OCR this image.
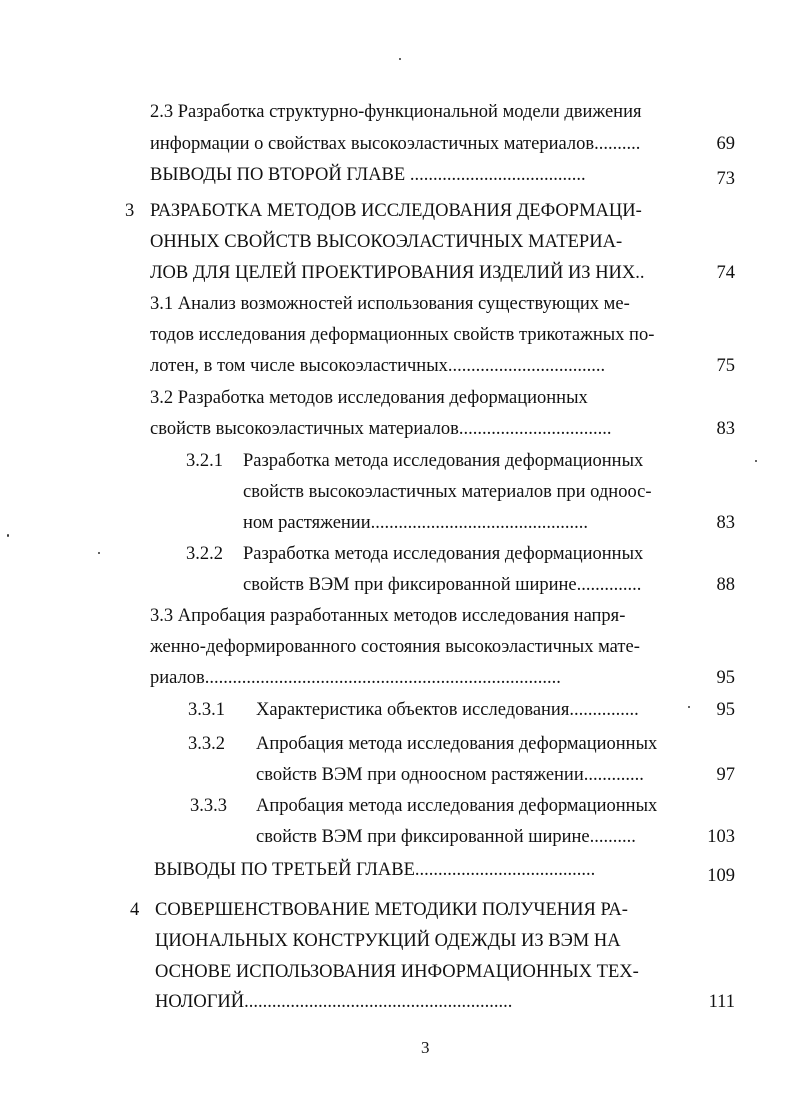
2.3 Разработка структурно-функциональной модели движения
информации о свойствах высокоэластичных материалов..........	69
ВЫВОДЫ ПО ВТОРОЙ ГЛАВЕ ......................................	73
3 РАЗРАБОТКА МЕТОДОВ ИССЛЕДОВАНИЯ ДЕФОРМАЦИ-
ОННЫХ СВОЙСТВ ВЫСОКОЭЛАСТИЧНЫХ МАТЕРИА-
ЛОВ ДЛЯ ЦЕЛЕЙ ПРОЕКТИРОВАНИЯ ИЗДЕЛИЙ ИЗ НИХ..	74
3.1 Анализ возможностей использования существующих ме-
тодов исследования деформационных свойств трикотажных по-
лотен, в том числе высокоэластичных..................................	75
3.2 Разработка методов исследования деформационных
свойств высокоэластичных материалов.................................	83
3.2.1 Разработка метода исследования деформационных
свойств высокоэластичных материалов при одноос-
ном растяжении...............................................	83
3.2.2 Разработка метода исследования деформационных
свойств ВЭМ при фиксированной ширине..............	88
3.3 Апробация разработанных методов исследования напря-
женно-деформированного состояния высокоэластичных мате-
риалов.............................................................................	95
3.3.1 Характеристика объектов исследования...............	95
3.3.2 Апробация метода исследования деформационных
свойств ВЭМ при одноосном растяжении.............	97
3.3.3 Апробация метода исследования деформационных
свойств ВЭМ при фиксированной ширине..........	103
ВЫВОДЫ ПО ТРЕТЬЕЙ ГЛАВЕ.......................................	109
4 СОВЕРШЕНСТВОВАНИЕ МЕТОДИКИ ПОЛУЧЕНИЯ РА-
ЦИОНАЛЬНЫХ КОНСТРУКЦИЙ ОДЕЖДЫ ИЗ ВЭМ НА
ОСНОВЕ ИСПОЛЬЗОВАНИЯ ИНФОРМАЦИОННЫХ ТЕХ-
НОЛОГИЙ..........................................................	111
3
